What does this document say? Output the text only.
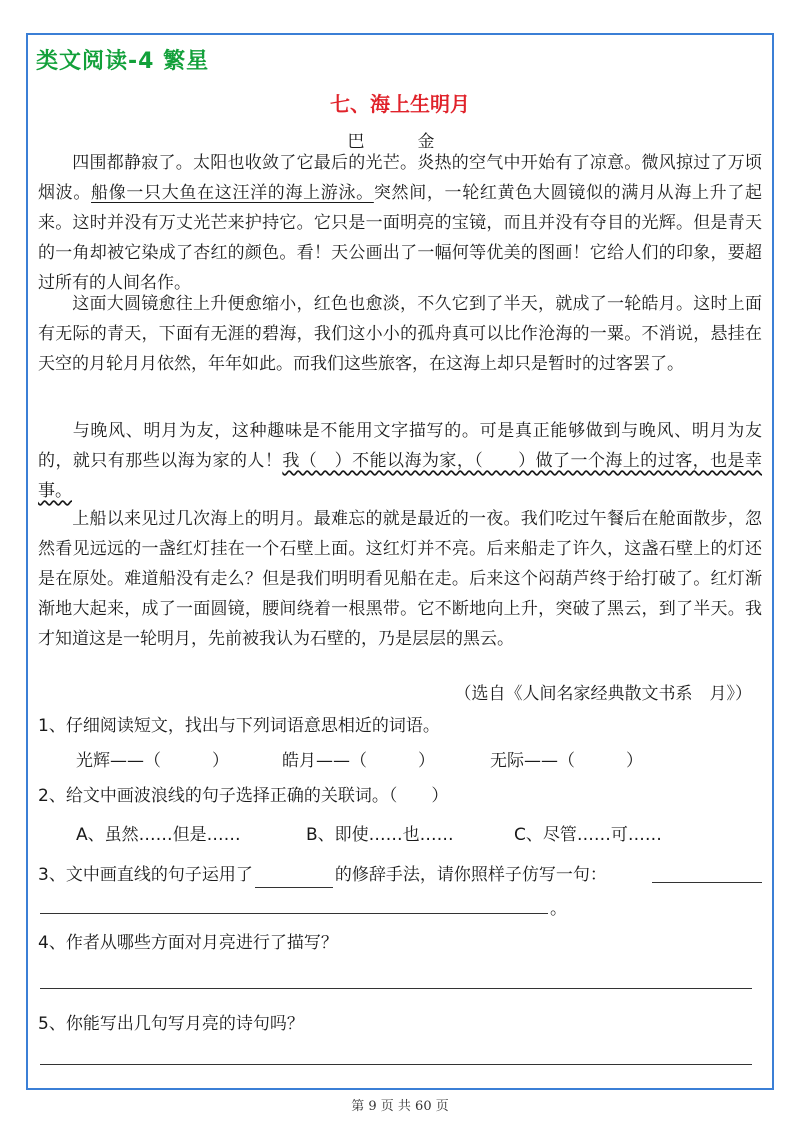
类文阅读-4 繁星
七、海上生明月
巴　金
四围都静寂了。太阳也收敛了它最后的光芒。炎热的空气中开始有了凉意。微风掠过了万顷烟波。船像一只大鱼在这汪洋的海上游泳。突然间，一轮红黄色大圆镜似的满月从海上升了起来。这时并没有万丈光芒来护持它。它只是一面明亮的宝镜，而且并没有夺目的光辉。但是青天的一角却被它染成了杏红的颜色。看！天公画出了一幅何等优美的图画！它给人们的印象，要超过所有的人间名作。
这面大圆镜愈往上升便愈缩小，红色也愈淡，不久它到了半天，就成了一轮皓月。这时上面有无际的青天，下面有无涯的碧海，我们这小小的孤舟真可以比作沧海的一粟。不消说，悬挂在天空的月轮月月依然，年年如此。而我们这些旅客，在这海上却只是暂时的过客罢了。
与晚风、明月为友，这种趣味是不能用文字描写的。可是真正能够做到与晚风、明月为友的，就只有那些以海为家的人！我（　）不能以海为家，（　　）做了一个海上的过客，也是幸事。
上船以来见过几次海上的明月。最难忘的就是最近的一夜。我们吃过午餐后在舱面散步，忽然看见远远的一盏红灯挂在一个石壁上面。这红灯并不亮。后来船走了许久，这盏石壁上的灯还是在原处。难道船没有走么？但是我们明明看见船在走。后来这个闷葫芦终于给打破了。红灯渐渐地大起来，成了一面圆镜，腰间绕着一根黑带。它不断地向上升，突破了黑云，到了半天。我才知道这是一轮明月，先前被我认为石壁的，乃是层层的黑云。
（选自《人间名家经典散文书系　月》）
1、仔细阅读短文，找出与下列词语意思相近的词语。
光辉——（　　　）	皓月——（　　　）	无际——（　　　）
2、给文中画波浪线的句子选择正确的关联词。（　　）
A、虽然……但是……	B、即使……也……	C、尽管……可……
3、文中画直线的句子运用了	的修辞手法，请你照样子仿写一句：
。
4、作者从哪些方面对月亮进行了描写？
5、你能写出几句写月亮的诗句吗？
第 9 页 共 60 页
